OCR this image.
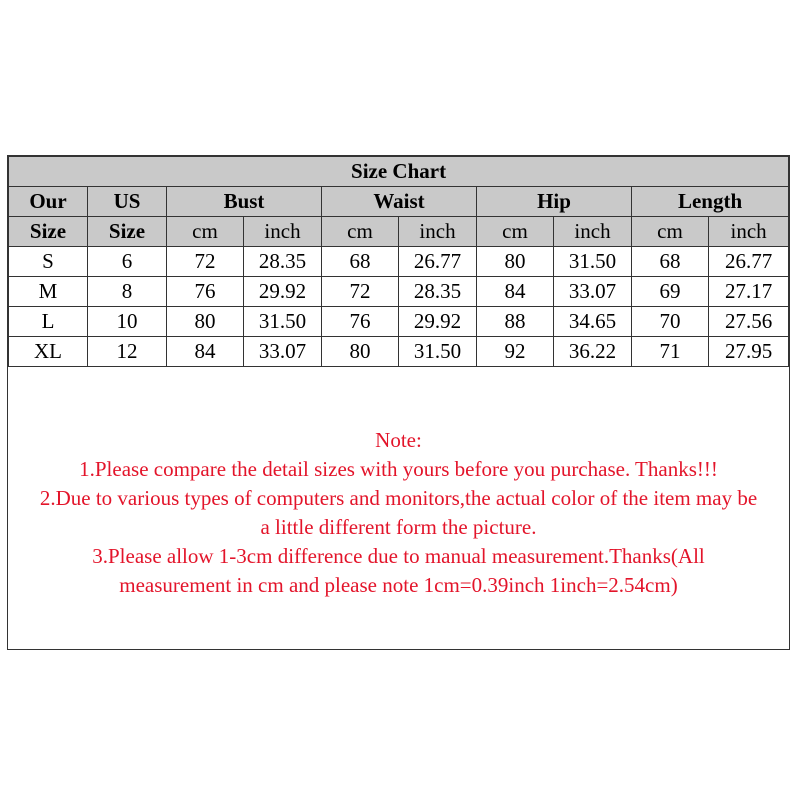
Size Chart									
Our	US	Bust		Waist		Hip		Length	
Size	Size	cm	inch	cm	inch	cm	inch	cm	inch
S	6	72	28.35	68	26.77	80	31.50	68	26.77
M	8	76	29.92	72	28.35	84	33.07	69	27.17
L	10	80	31.50	76	29.92	88	34.65	70	27.56
XL	12	84	33.07	80	31.50	92	36.22	71	27.95
Note:
1.Please compare the detail sizes with yours before you purchase. Thanks!!!
2.Due to various types of computers and monitors,the actual color of the item may be
a little different form the picture.
3.Please allow 1-3cm difference due to manual measurement.Thanks(All
measurement in cm and please note 1cm=0.39inch 1inch=2.54cm)
